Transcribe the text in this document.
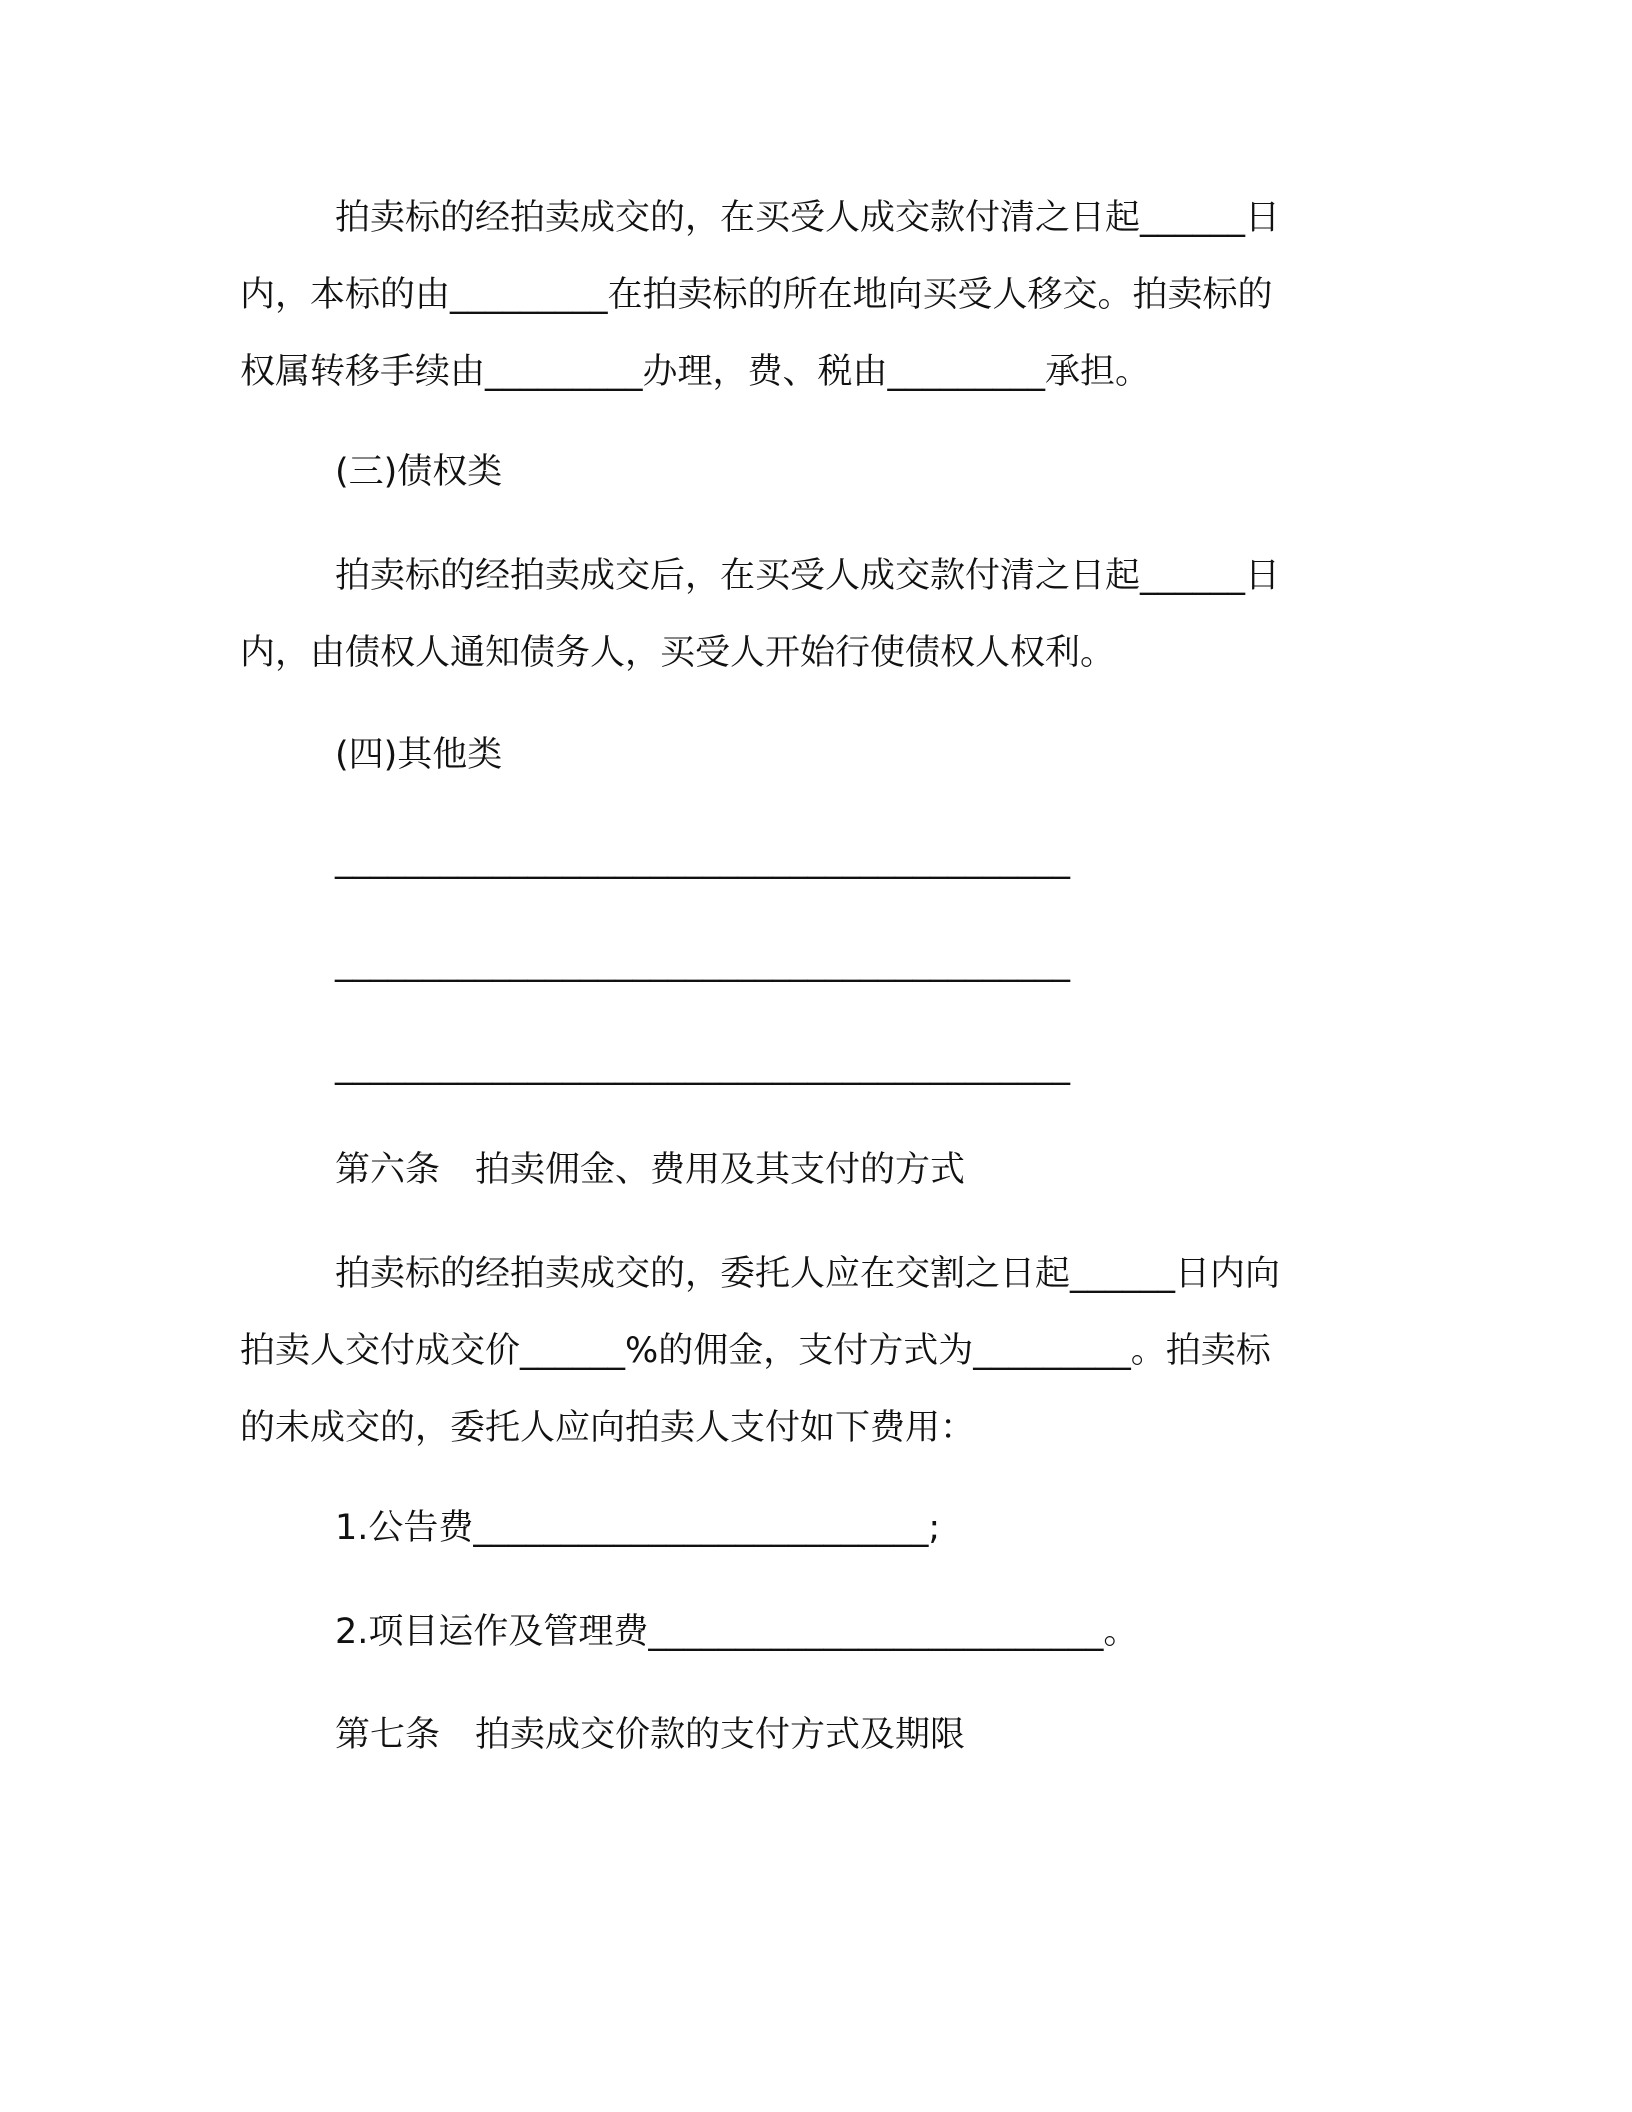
拍卖标的经拍卖成交的，在买受人成交款付清之日起______日
内，本标的由_________在拍卖标的所在地向买受人移交。拍卖标的
权属转移手续由_________办理，费、税由_________承担。
(三)债权类
拍卖标的经拍卖成交后，在买受人成交款付清之日起______日
内，由债权人通知债务人，买受人开始行使债权人权利。
(四)其他类
__________________________________________
__________________________________________
__________________________________________
第六条　拍卖佣金、费用及其支付的方式
拍卖标的经拍卖成交的，委托人应在交割之日起______日内向
拍卖人交付成交价______%的佣金，支付方式为_________。拍卖标
的未成交的，委托人应向拍卖人支付如下费用：
1.公告费__________________________;
2.项目运作及管理费__________________________。
第七条　拍卖成交价款的支付方式及期限
